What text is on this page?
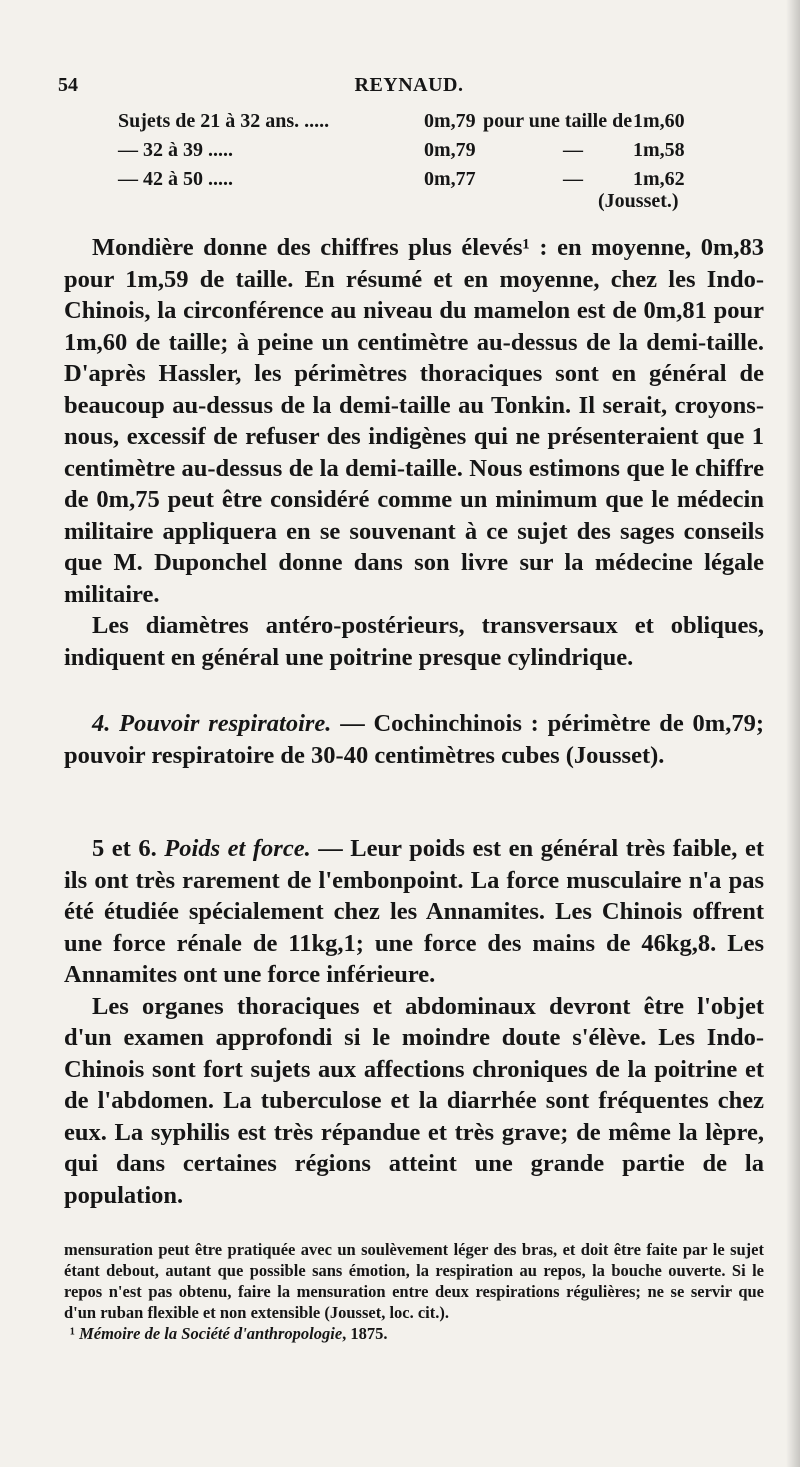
54	REYNAUD.
Sujets de 21 à 32 ans. .....	0m,79 pour une taille de 1m,60
— 32 à 39 .....	0m,79	—	1m,58
— 42 à 50 .....	0m,77	—	1m,62
(Jousset.)

Mondière donne des chiffres plus élevés¹ : en moyenne, 0m,83 pour 1m,59 de taille. En résumé et en moyenne, chez les Indo-Chinois, la circonférence au niveau du mamelon est de 0m,81 pour 1m,60 de taille; à peine un centimètre au-dessus de la demi-taille. D'après Hassler, les périmètres thoraciques sont en général de beaucoup au-dessus de la demi-taille au Tonkin. Il serait, croyons-nous, excessif de refuser des indigènes qui ne présenteraient que 1 centimètre au-dessus de la demi-taille. Nous estimons que le chiffre de 0m,75 peut être considéré comme un minimum que le médecin militaire appliquera en se souvenant à ce sujet des sages conseils que M. Duponchel donne dans son livre sur la médecine légale militaire.

Les diamètres antéro-postérieurs, transversaux et obliques, indiquent en général une poitrine presque cylindrique.

4. Pouvoir respiratoire. — Cochinchinois : périmètre de 0m,79; pouvoir respiratoire de 30-40 centimètres cubes (Jousset).

5 et 6. Poids et force. — Leur poids est en général très faible, et ils ont très rarement de l'embonpoint. La force musculaire n'a pas été étudiée spécialement chez les Annamites. Les Chinois offrent une force rénale de 11kg,1; une force des mains de 46kg,8. Les Annamites ont une force inférieure.

Les organes thoraciques et abdominaux devront être l'objet d'un examen approfondi si le moindre doute s'élève. Les Indo-Chinois sont fort sujets aux affections chroniques de la poitrine et de l'abdomen. La tuberculose et la diarrhée sont fréquentes chez eux. La syphilis est très répandue et très grave; de même la lèpre, qui dans certaines régions atteint une grande partie de la population.

mensuration peut être pratiquée avec un soulèvement léger des bras, et doit être faite par le sujet étant debout, autant que possible sans émotion, la respiration au repos, la bouche ouverte. Si le repos n'est pas obtenu, faire la mensuration entre deux respirations régulières; ne se servir que d'un ruban flexible et non extensible (Jousset, loc. cit.).

¹ Mémoire de la Société d'anthropologie, 1875.
